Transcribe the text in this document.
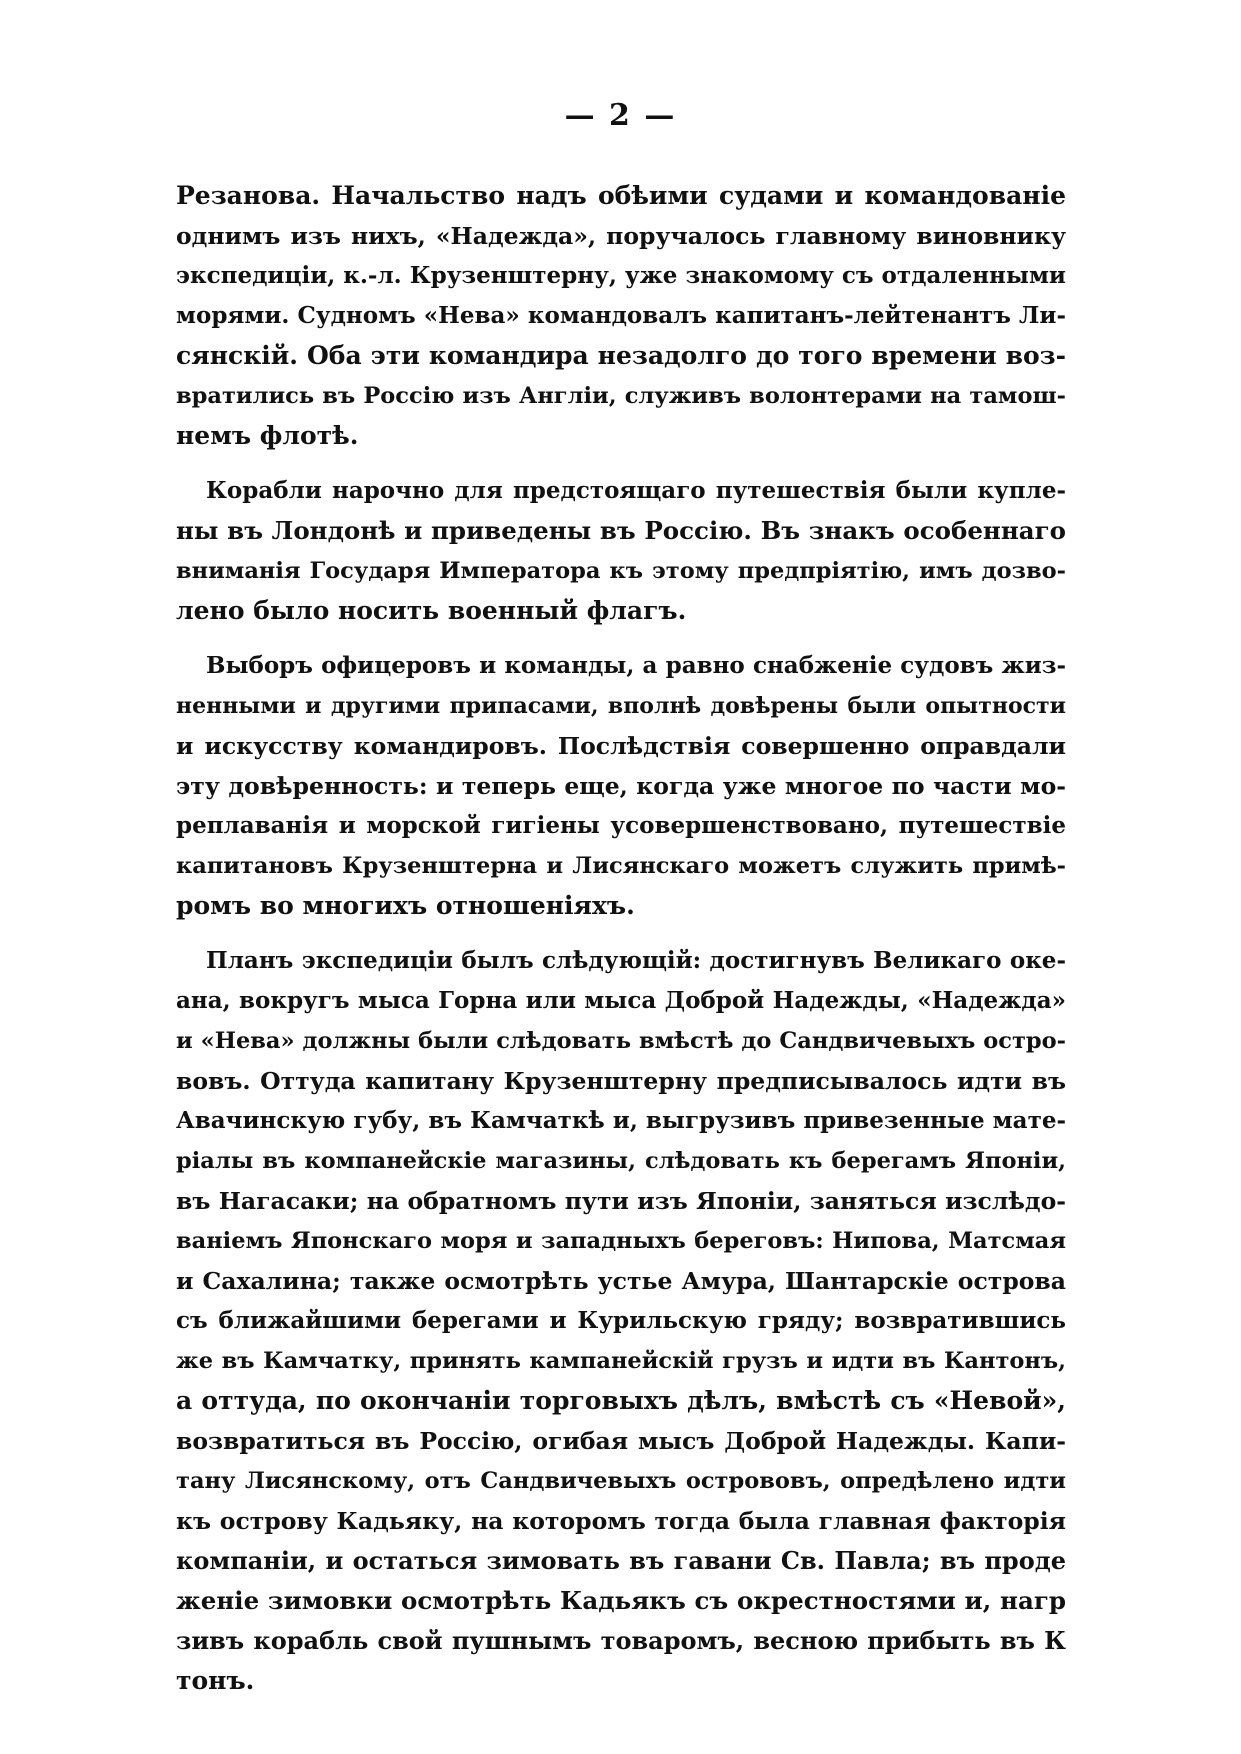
— 2 —
Резанова. Начальство надъ обѣими судами и командованіе
однимъ изъ нихъ, «Надежда», поручалось главному виновнику
экспедиціи, к.-л. Крузенштерну, уже знакомому съ отдаленными
морями. Судномъ «Нева» командовалъ капитанъ-лейтенантъ Ли-
сянскій. Оба эти командира незадолго до того времени воз-
вратились въ Россію изъ Англіи, служивъ волонтерами на тамош-
немъ флотѣ.
Корабли нарочно для предстоящаго путешествія были купле-
ны въ Лондонѣ и приведены въ Россію. Въ знакъ особеннаго
вниманія Государя Императора къ этому предпріятію, имъ дозво-
лено было носить военный флагъ.
Выборъ офицеровъ и команды, а равно снабженіе судовъ жиз-
ненными и другими припасами, вполнѣ довѣрены были опытности
и искусству командировъ. Послѣдствія совершенно оправдали
эту довѣренность: и теперь еще, когда уже многое по части мо-
реплаванія и морской гигіены усовершенствовано, путешествіе
капитановъ Крузенштерна и Лисянскаго можетъ служить примѣ-
ромъ во многихъ отношеніяхъ.
Планъ экспедиціи былъ слѣдующій: достигнувъ Великаго оке-
ана, вокругъ мыса Горна или мыса Доброй Надежды, «Надежда»
и «Нева» должны были слѣдовать вмѣстѣ до Сандвичевыхъ остро-
вовъ. Оттуда капитану Крузенштерну предписывалось идти въ
Авачинскую губу, въ Камчаткѣ и, выгрузивъ привезенные мате-
ріалы въ компанейскіе магазины, слѣдовать къ берегамъ Японіи,
въ Нагасаки; на обратномъ пути изъ Японіи, заняться изслѣдо-
ваніемъ Японскаго моря и западныхъ береговъ: Нипова, Матсмая
и Сахалина; также осмотрѣть устье Амура, Шантарскіе острова
съ ближайшими берегами и Курильскую гряду; возвратившись
же въ Камчатку, принять кампанейскій грузъ и идти въ Кантонъ,
а оттуда, по окончаніи торговыхъ дѣлъ, вмѣстѣ съ «Невой»,
возвратиться въ Россію, огибая мысъ Доброй Надежды. Капи-
тану Лисянскому, отъ Сандвичевыхъ острововъ, опредѣлено идти
къ острову Кадьяку, на которомъ тогда была главная факторія
компаніи, и остаться зимовать въ гавани Св. Павла; въ проде
женіе зимовки осмотрѣть Кадьякъ съ окрестностями и, нагр
зивъ корабль свой пушнымъ товаромъ, весною прибыть въ К
тонъ.
